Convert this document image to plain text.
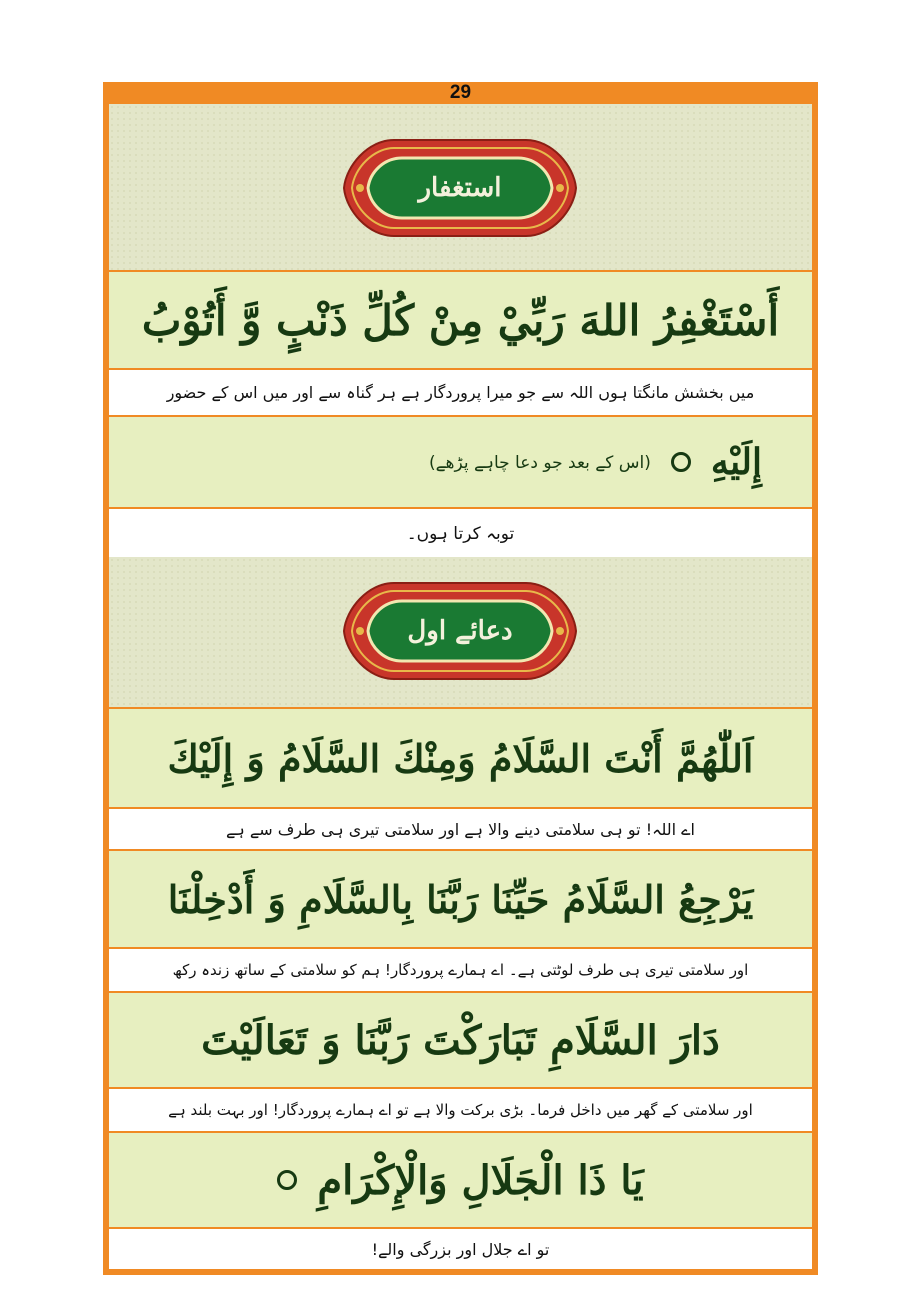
29
استغفار
أَسْتَغْفِرُ اللهَ رَبِّيْ مِنْ كُلِّ ذَنْبٍ وَّ أَتُوْبُ
میں بخشش مانگتا ہوں اللہ سے جو میرا پروردگار ہے ہر گناہ سے اور میں اس کے حضور
إِلَيْهِ
(اس کے بعد جو دعا چاہے پڑھے)
توبہ کرتا ہوں۔
دعائے اول
اَللّٰهُمَّ أَنْتَ السَّلَامُ وَمِنْكَ السَّلَامُ وَ إِلَيْكَ
اے اللہ! تو ہی سلامتی دینے والا ہے اور سلامتی تیری ہی طرف سے ہے
يَرْجِعُ السَّلَامُ حَيِّنَا رَبَّنَا بِالسَّلَامِ وَ أَدْخِلْنَا
اور سلامتی تیری ہی طرف لوٹتی ہے۔ اے ہمارے پروردگار! ہم کو سلامتی کے ساتھ زندہ رکھ
دَارَ السَّلَامِ تَبَارَكْتَ رَبَّنَا وَ تَعَالَيْتَ
اور سلامتی کے گھر میں داخل فرما۔ بڑی برکت والا ہے تو اے ہمارے پروردگار! اور بہت بلند ہے
يَا ذَا الْجَلَالِ وَالْإِكْرَامِ
تو اے جلال اور بزرگی والے!
